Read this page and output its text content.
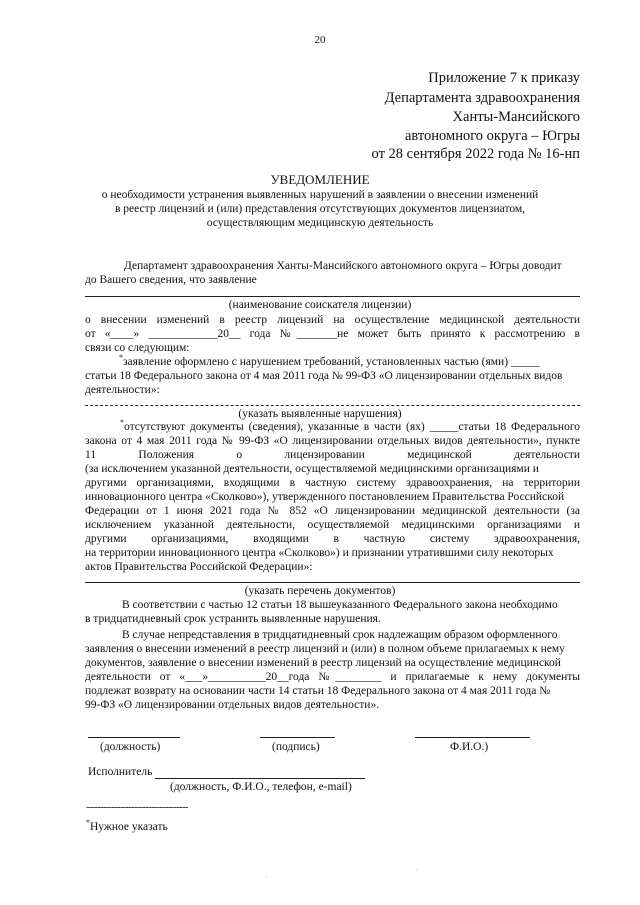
20
Приложение 7 к приказу
Департамента здравоохранения
Ханты-Мансийского
автономного округа – Югры
от 28 сентября 2022 года № 16-нп
УВЕДОМЛЕНИЕ
о необходимости устранения выявленных нарушений в заявлении о внесении изменений
в реестр лицензий и (или) представления отсутствующих документов лицензиатом,
осуществляющим медицинскую деятельность
Департамент здравоохранения Ханты-Мансийского автономного округа – Югры доводит
до Вашего сведения, что заявление
(наименование соискателя лицензии)
о внесении изменений в реестр лицензий на осуществление медицинской деятельности
от «____» ____________20__ года №_______не может быть принято к рассмотрению в
связи со следующим:
*заявление оформлено с нарушением требований, установленных частью (ями) _____
статьи 18 Федерального закона от 4 мая 2011 года № 99-ФЗ «О лицензировании отдельных видов
деятельности»:
(указать выявленные нарушения)
*отсутствуют документы (сведения), указанные в части (ях) _____статьи 18 Федерального
закона от 4 мая 2011 года № 99-ФЗ «О лицензировании отдельных видов деятельности», пункте
11 Положения о лицензировании медицинской деятельности
(за исключением указанной деятельности, осуществляемой медицинскими организациями и
другими организациями, входящими в частную систему здравоохранения, на территории
инновационного центра «Сколково»), утвержденного постановлением Правительства Российской
Федерации от 1 июня 2021 года № 852 «О лицензировании медицинской деятельности (за
исключением указанной деятельности, осуществляемой медицинскими организациями и
другими организациями, входящими в частную систему здравоохранения,
на территории инновационного центра «Сколково») и признании утратившими силу некоторых
актов Правительства Российской Федерации»:
(указать перечень документов)
В соответствии с частью 12 статьи 18 вышеуказанного Федерального закона необходимо
в тридцатидневный срок устранить выявленные нарушения.
В случае непредставления в тридцатидневный срок надлежащим образом оформленного
заявления о внесении изменений в реестр лицензий и (или) в полном объеме прилагаемых к нему
документов, заявление о внесении изменений в реестр лицензий на осуществление медицинской
деятельности от «___»__________20__года №________ и прилагаемые к нему документы
подлежат возврату на основании части 14 статьи 18 Федерального закона от 4 мая 2011 года №
99-ФЗ «О лицензировании отдельных видов деятельности».
(должность)	(подпись)	Ф.И.О.)
Исполнитель
(должность, Ф.И.О., телефон, e-mail)
------------------------------------
*Нужное указать
·
·
